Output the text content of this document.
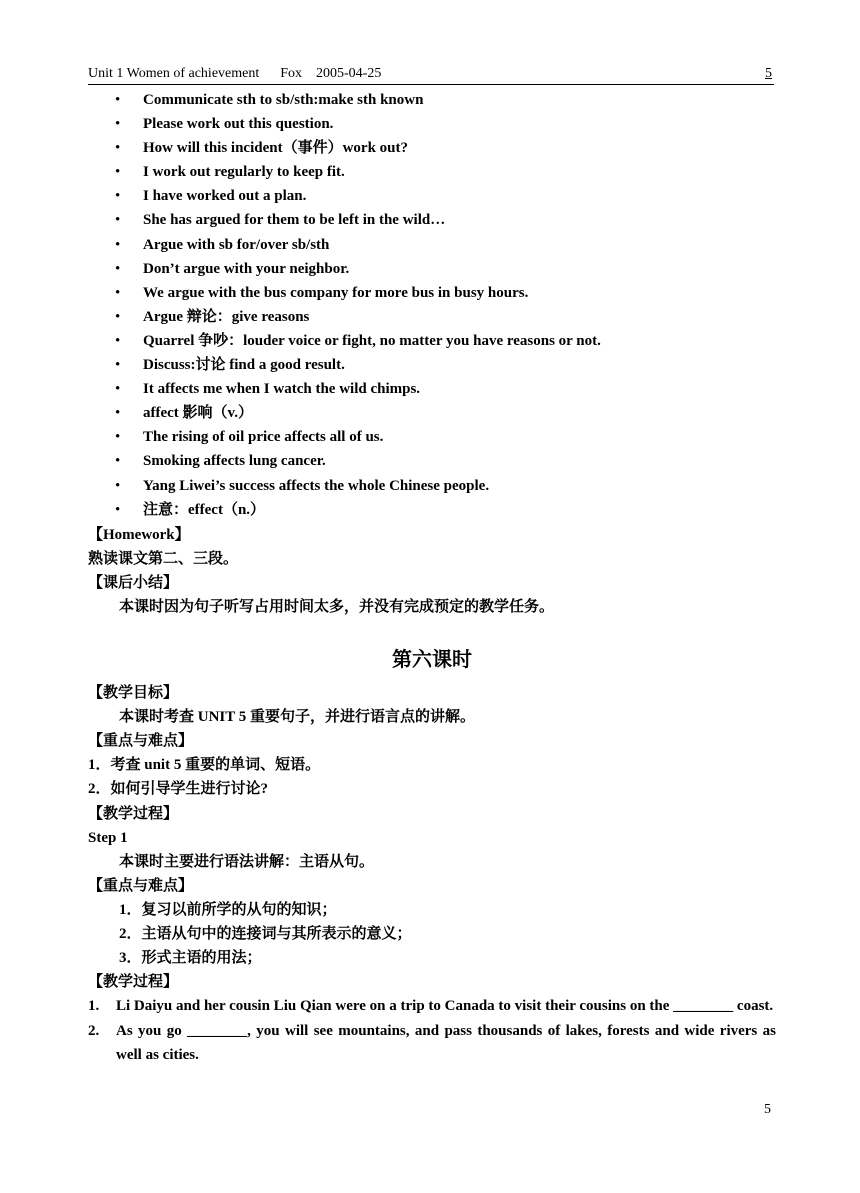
Unit 1 Women of achievement      Fox    2005-04-25	5
• Communicate sth to sb/sth:make sth known
• Please work out this question.
• How will this incident（事件）work out?
• I work out regularly to keep fit.
• I have worked out a plan.
• She has argued for them to be left in the wild…
• Argue with sb for/over sb/sth
• Don’t argue with your neighbor.
• We argue with the bus company for more bus in busy hours.
• Argue 辩论：give reasons
• Quarrel 争吵：louder voice or fight, no matter you have reasons or not.
• Discuss:讨论 find a good result.
• It affects me when I watch the wild chimps.
• affect 影响（v.）
• The rising of oil price affects all of us.
• Smoking affects lung cancer.
• Yang Liwei’s success affects the whole Chinese people.
• 注意：effect（n.）
【Homework】
熟读课文第二、三段。
【课后小结】
本课时因为句子听写占用时间太多，并没有完成预定的教学任务。
第六课时
【教学目标】
本课时考查 UNIT 5 重要句子，并进行语言点的讲解。
【重点与难点】
1．考查 unit 5 重要的单词、短语。
2．如何引导学生进行讨论?
【教学过程】
Step 1
本课时主要进行语法讲解：主语从句。
【重点与难点】
1．复习以前所学的从句的知识；
2．主语从句中的连接词与其所表示的意义；
3．形式主语的用法；
【教学过程】
1. Li Daiyu and her cousin Liu Qian were on a trip to Canada to visit their cousins on the ________ coast.
2. As you go ________, you will see mountains, and pass thousands of lakes, forests and wide rivers as well as cities.
5
